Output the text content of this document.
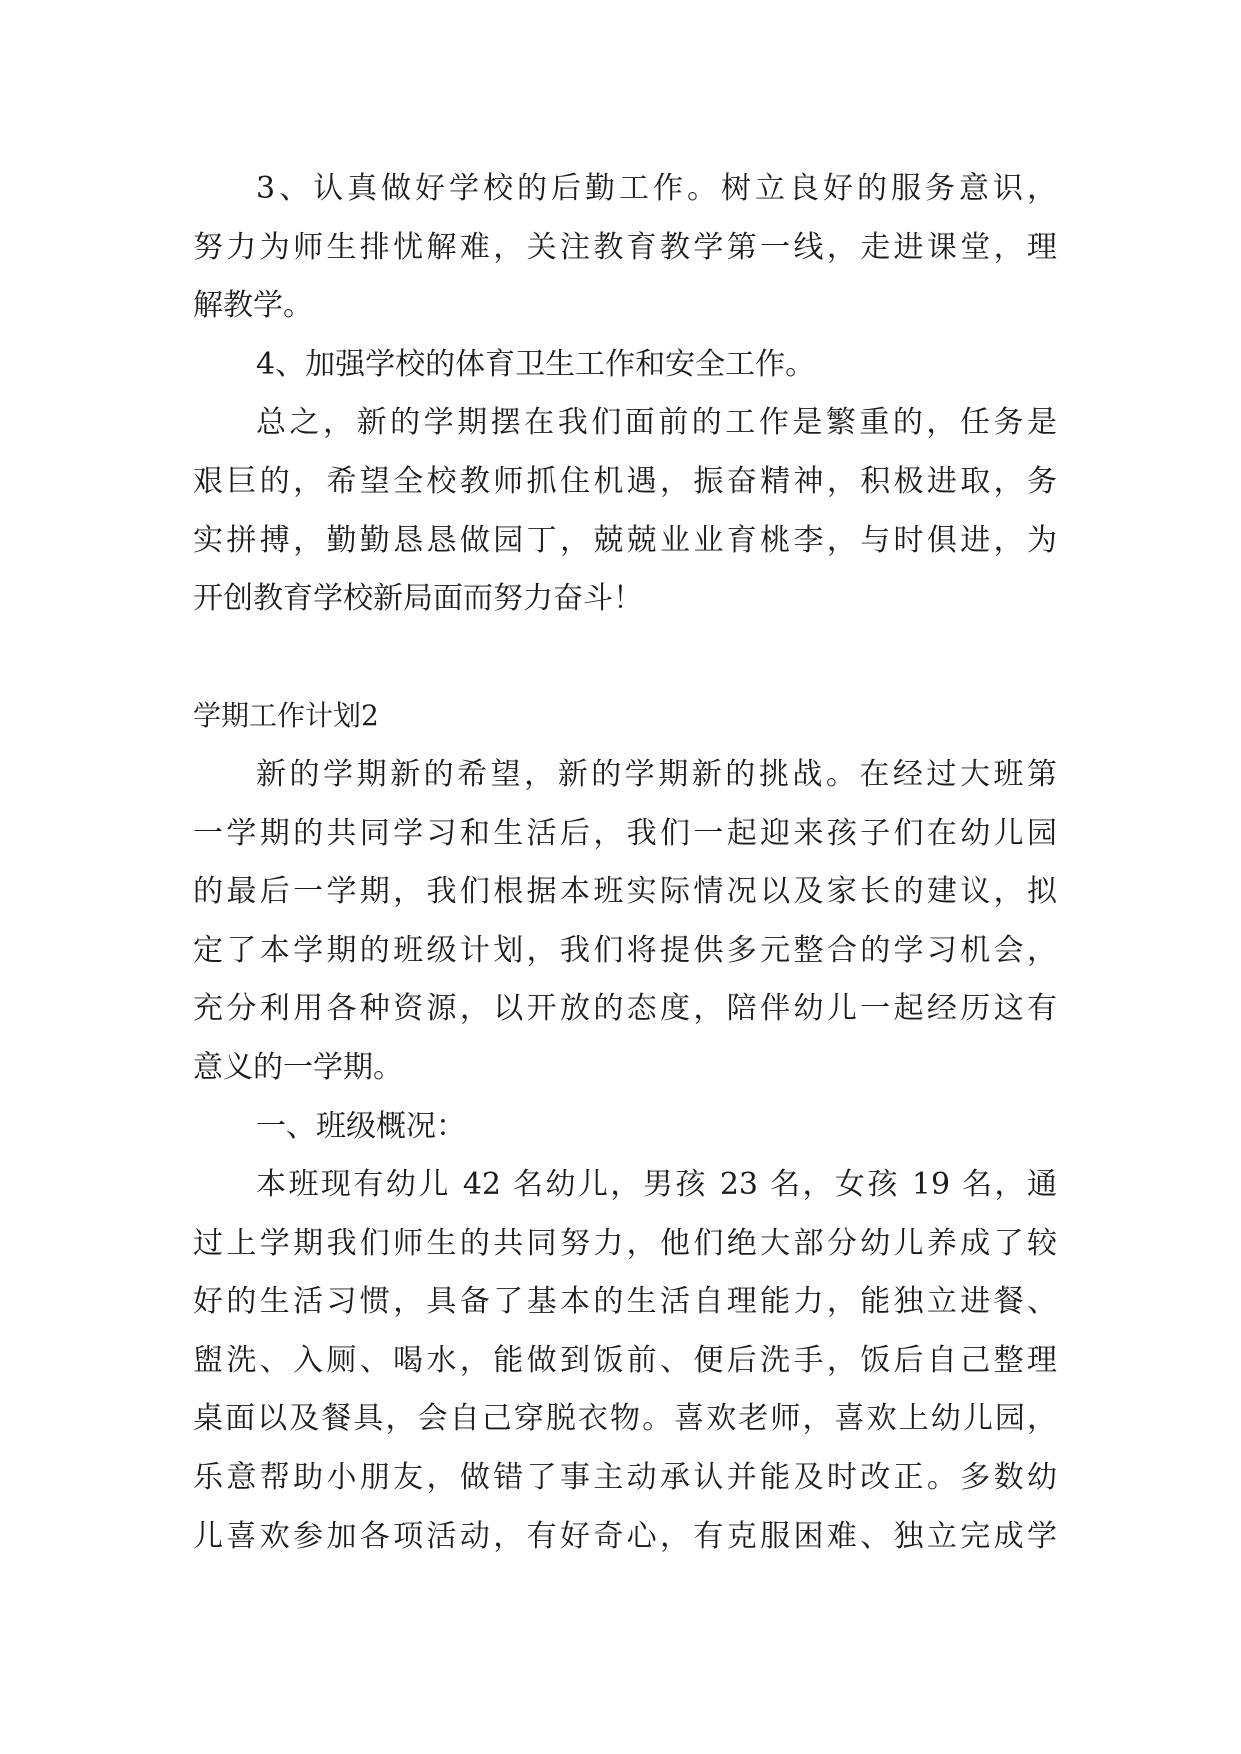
3、认真做好学校的后勤工作。树立良好的服务意识，
努力为师生排忧解难，关注教育教学第一线，走进课堂，理
解教学。
4、加强学校的体育卫生工作和安全工作。
总之，新的学期摆在我们面前的工作是繁重的，任务是
艰巨的，希望全校教师抓住机遇，振奋精神，积极进取，务
实拼搏，勤勤恳恳做园丁，兢兢业业育桃李，与时俱进，为
开创教育学校新局面而努力奋斗！
学期工作计划2
新的学期新的希望，新的学期新的挑战。在经过大班第
一学期的共同学习和生活后，我们一起迎来孩子们在幼儿园
的最后一学期，我们根据本班实际情况以及家长的建议，拟
定了本学期的班级计划，我们将提供多元整合的学习机会，
充分利用各种资源，以开放的态度，陪伴幼儿一起经历这有
意义的一学期。
一、班级概况：
本班现有幼儿 42 名幼儿，男孩 23 名，女孩 19 名，通
过上学期我们师生的共同努力，他们绝大部分幼儿养成了较
好的生活习惯，具备了基本的生活自理能力，能独立进餐、
盥洗、入厕、喝水，能做到饭前、便后洗手，饭后自己整理
桌面以及餐具，会自己穿脱衣物。喜欢老师，喜欢上幼儿园，
乐意帮助小朋友，做错了事主动承认并能及时改正。多数幼
儿喜欢参加各项活动，有好奇心，有克服困难、独立完成学
